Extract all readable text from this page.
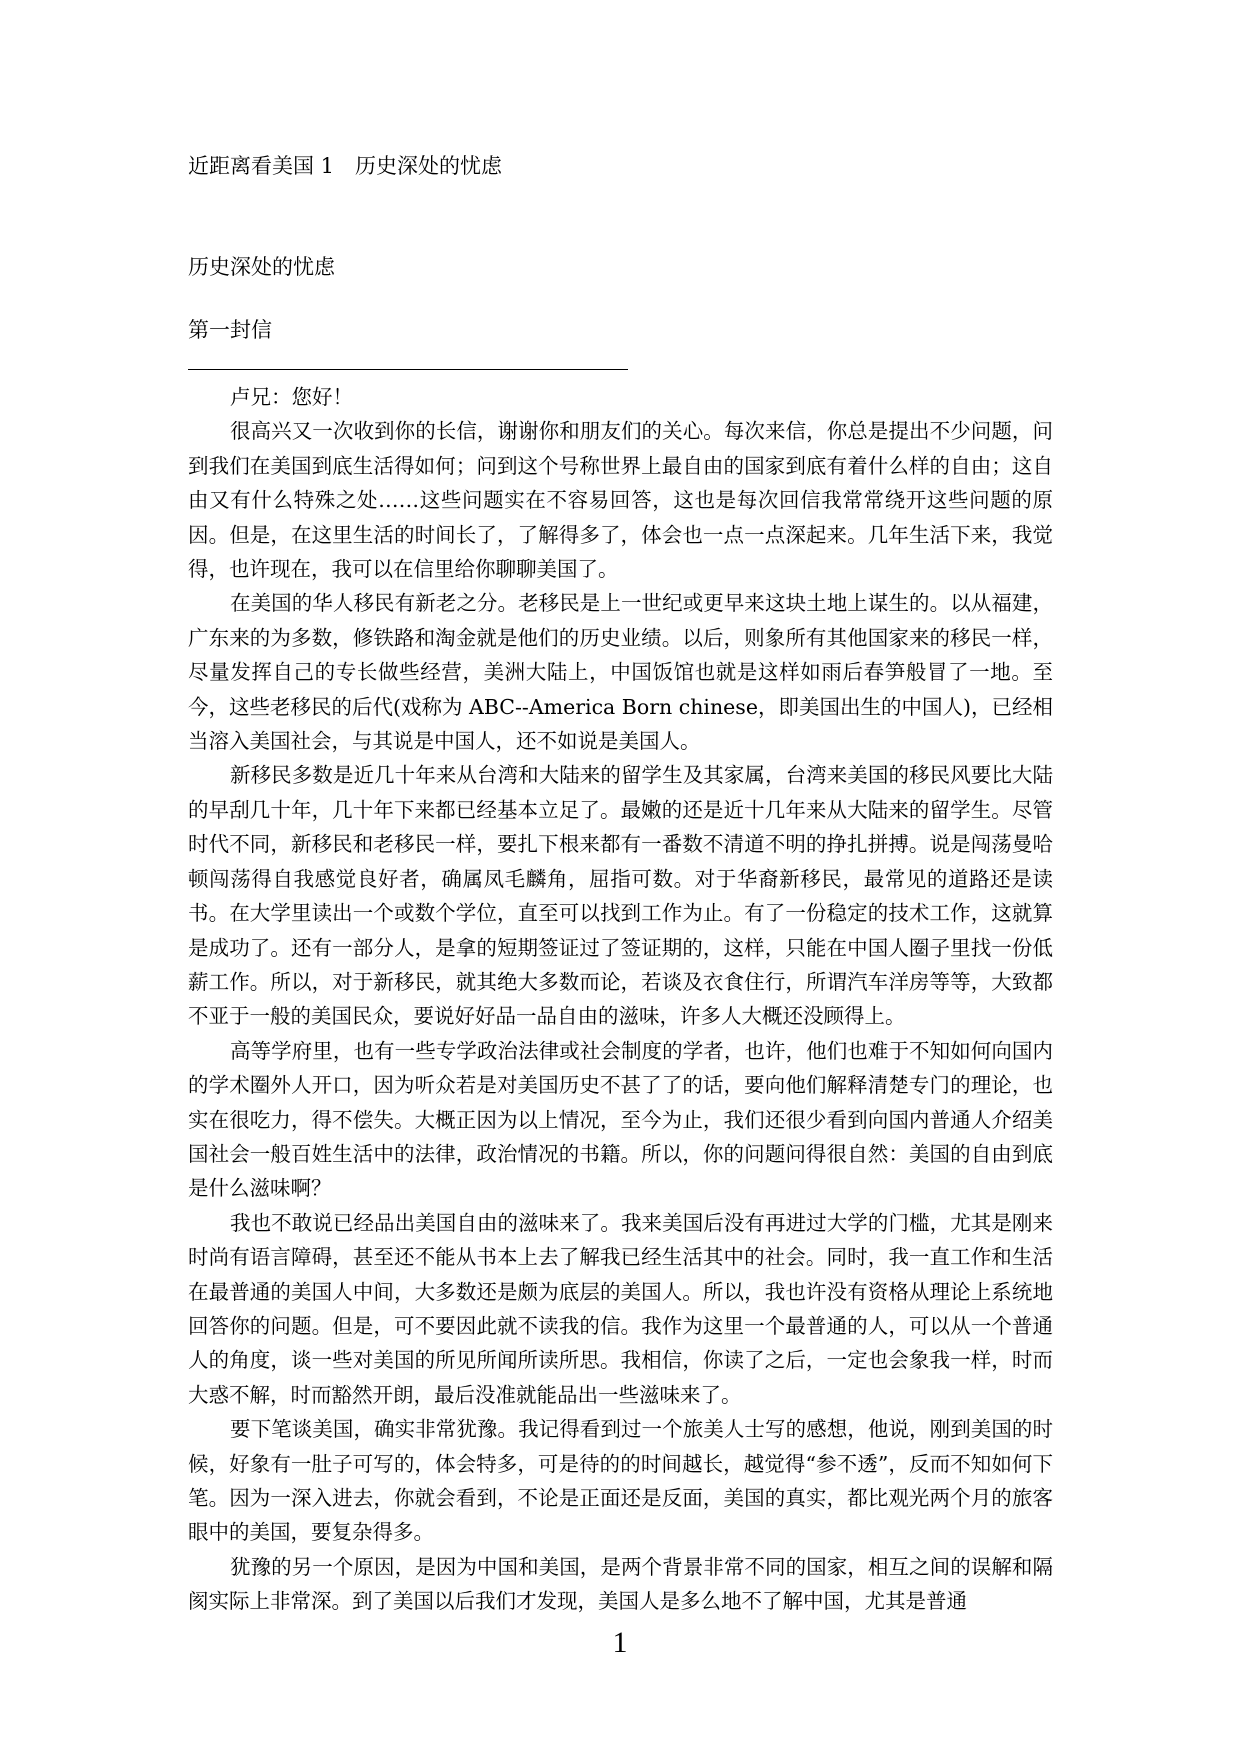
近距离看美国 1　历史深处的忧虑
历史深处的忧虑
第一封信

卢兄：您好！

很高兴又一次收到你的长信，谢谢你和朋友们的关心。每次来信，你总是提出不少问题，问到我们在美国到底生活得如何；问到这个号称世界上最自由的国家到底有着什么样的自由；这自由又有什么特殊之处……这些问题实在不容易回答，这也是每次回信我常常绕开这些问题的原因。但是，在这里生活的时间长了，了解得多了，体会也一点一点深起来。几年生活下来，我觉得，也许现在，我可以在信里给你聊聊美国了。

在美国的华人移民有新老之分。老移民是上一世纪或更早来这块土地上谋生的。以从福建，广东来的为多数，修铁路和淘金就是他们的历史业绩。以后，则象所有其他国家来的移民一样，尽量发挥自己的专长做些经营，美洲大陆上，中国饭馆也就是这样如雨后春笋般冒了一地。至今，这些老移民的后代(戏称为 ABC--America Born chinese，即美国出生的中国人)，已经相当溶入美国社会，与其说是中国人，还不如说是美国人。

新移民多数是近几十年来从台湾和大陆来的留学生及其家属，台湾来美国的移民风要比大陆的早刮几十年，几十年下来都已经基本立足了。最嫩的还是近十几年来从大陆来的留学生。尽管时代不同，新移民和老移民一样，要扎下根来都有一番数不清道不明的挣扎拼搏。说是闯荡曼哈顿闯荡得自我感觉良好者，确属凤毛麟角，屈指可数。对于华裔新移民，最常见的道路还是读书。在大学里读出一个或数个学位，直至可以找到工作为止。有了一份稳定的技术工作，这就算是成功了。还有一部分人，是拿的短期签证过了签证期的，这样，只能在中国人圈子里找一份低薪工作。所以，对于新移民，就其绝大多数而论，若谈及衣食住行，所谓汽车洋房等等，大致都不亚于一般的美国民众，要说好好品一品自由的滋味，许多人大概还没顾得上。

高等学府里，也有一些专学政治法律或社会制度的学者，也许，他们也难于不知如何向国内的学术圈外人开口，因为听众若是对美国历史不甚了了的话，要向他们解释清楚专门的理论，也实在很吃力，得不偿失。大概正因为以上情况，至今为止，我们还很少看到向国内普通人介绍美国社会一般百姓生活中的法律，政治情况的书籍。所以，你的问题问得很自然：美国的自由到底是什么滋味啊？

我也不敢说已经品出美国自由的滋味来了。我来美国后没有再进过大学的门槛，尤其是刚来时尚有语言障碍，甚至还不能从书本上去了解我已经生活其中的社会。同时，我一直工作和生活在最普通的美国人中间，大多数还是颇为底层的美国人。所以，我也许没有资格从理论上系统地回答你的问题。但是，可不要因此就不读我的信。我作为这里一个最普通的人，可以从一个普通人的角度，谈一些对美国的所见所闻所读所思。我相信，你读了之后，一定也会象我一样，时而大惑不解，时而豁然开朗，最后没准就能品出一些滋味来了。

要下笔谈美国，确实非常犹豫。我记得看到过一个旅美人士写的感想，他说，刚到美国的时候，好象有一肚子可写的，体会特多，可是待的的时间越长，越觉得“参不透”，反而不知如何下笔。因为一深入进去，你就会看到，不论是正面还是反面，美国的真实，都比观光两个月的旅客眼中的美国，要复杂得多。

犹豫的另一个原因，是因为中国和美国，是两个背景非常不同的国家，相互之间的误解和隔阂实际上非常深。到了美国以后我们才发现，美国人是多么地不了解中国，尤其是普通

1
